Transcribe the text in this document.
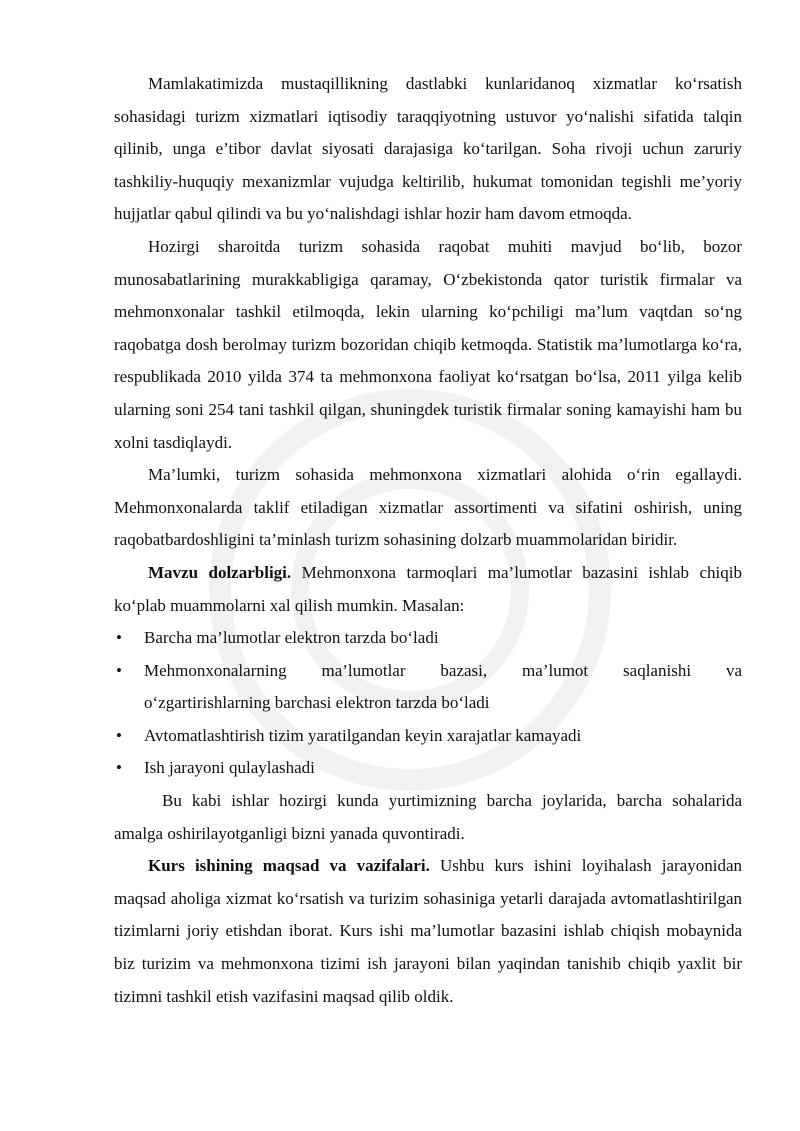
Mamlakatimizda mustaqillikning dastlabki kunlaridanoq xizmatlar ko‘rsatish sohasidagi turizm xizmatlari iqtisodiy taraqqiyotning ustuvor yo‘nalishi sifatida talqin qilinib, unga e’tibor davlat siyosati darajasiga ko‘tarilgan. Soha rivoji uchun zaruriy tashkiliy-huquqiy mexanizmlar vujudga keltirilib, hukumat tomonidan tegishli me’yoriy hujjatlar qabul qilindi va bu yo‘nalishdagi ishlar hozir ham davom etmoqda.

Hozirgi sharoitda turizm sohasida raqobat muhiti mavjud bo‘lib, bozor munosabatlarining murakkabligiga qaramay, O‘zbekistonda qator turistik firmalar va mehmonxonalar tashkil etilmoqda, lekin ularning ko‘pchiligi ma’lum vaqtdan so‘ng raqobatga dosh berolmay turizm bozoridan chiqib ketmoqda. Statistik ma’lumotlarga ko‘ra, respublikada 2010 yilda 374 ta mehmonxona faoliyat ko‘rsatgan bo‘lsa, 2011 yilga kelib ularning soni 254 tani tashkil qilgan, shuningdek turistik firmalar soning kamayishi ham bu xolni tasdiqlaydi.

Ma’lumki, turizm sohasida mehmonxona xizmatlari alohida o‘rin egallaydi. Mehmonxonalarda taklif etiladigan xizmatlar assortimenti va sifatini oshirish, uning raqobatbardoshligini ta’minlash turizm sohasining dolzarb muammolaridan biridir.

Mavzu dolzarbligi. Mehmonxona tarmoqlari ma’lumotlar bazasini ishlab chiqib ko‘plab muammolarni xal qilish mumkin. Masalan:

• Barcha ma’lumotlar elektron tarzda bo‘ladi
• Mehmonxonalarning ma’lumotlar bazasi, ma’lumot saqlanishi va
o‘zgartirishlarning barchasi elektron tarzda bo‘ladi
• Avtomatlashtirish tizim yaratilgandan keyin xarajatlar kamayadi
• Ish jarayoni qulaylashadi

Bu kabi ishlar hozirgi kunda yurtimizning barcha joylarida, barcha sohalarida amalga oshirilayotganligi bizni yanada quvontiradi.

Kurs ishining maqsad va vazifalari. Ushbu kurs ishini loyihalash jarayonidan maqsad aholiga xizmat ko‘rsatish va turizim sohasiniga yetarli darajada avtomatlashtirilgan tizimlarni joriy etishdan iborat. Kurs ishi ma’lumotlar bazasini ishlab chiqish mobaynida biz turizim va mehmonxona tizimi ish jarayoni bilan yaqindan tanishib chiqib yaxlit bir tizimni tashkil etish vazifasini maqsad qilib oldik.
